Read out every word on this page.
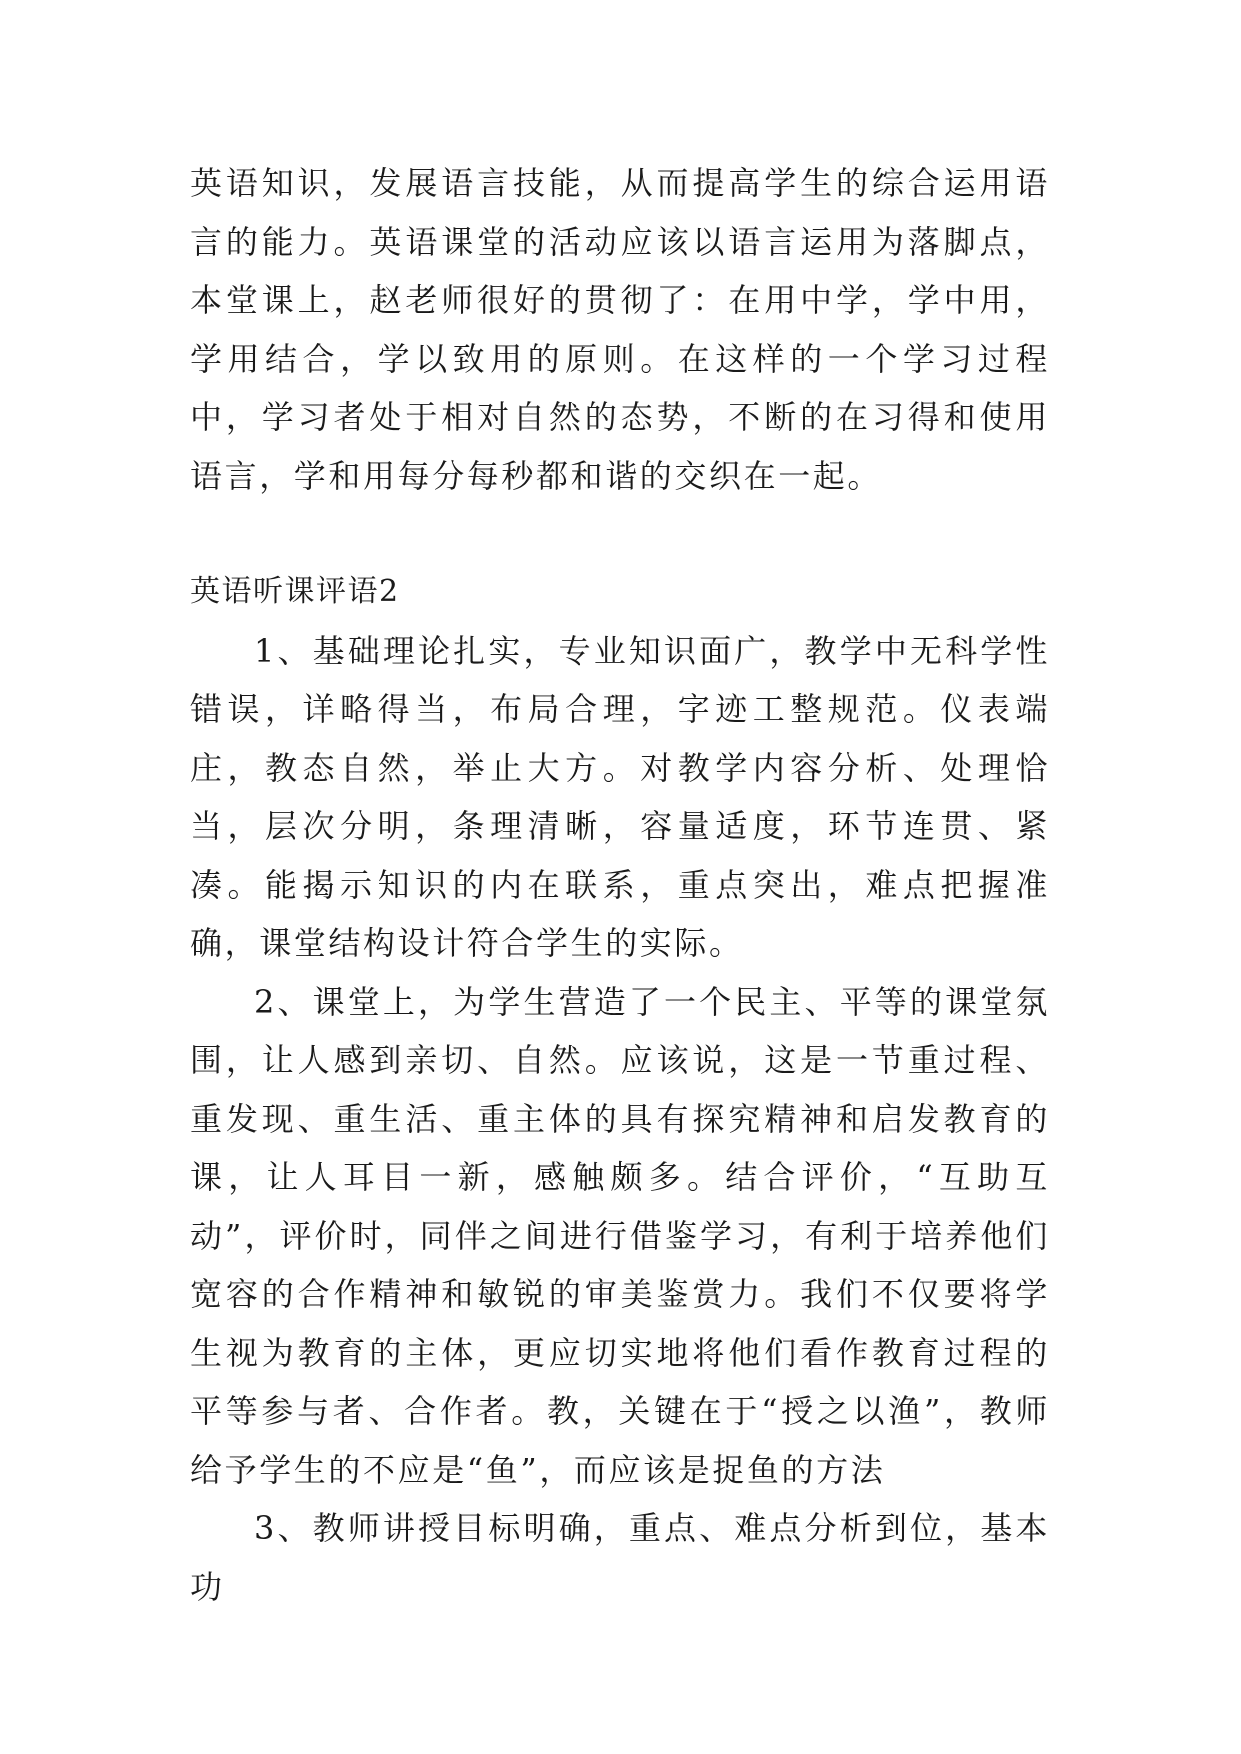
英语知识，发展语言技能，从而提高学生的综合运用语言的能力。英语课堂的活动应该以语言运用为落脚点，本堂课上，赵老师很好的贯彻了：在用中学，学中用，学用结合，学以致用的原则。在这样的一个学习过程中，学习者处于相对自然的态势，不断的在习得和使用语言，学和用每分每秒都和谐的交织在一起。

英语听课评语2

1、基础理论扎实，专业知识面广，教学中无科学性错误，详略得当，布局合理，字迹工整规范。仪表端庄，教态自然，举止大方。对教学内容分析、处理恰当，层次分明，条理清晰，容量适度，环节连贯、紧凑。能揭示知识的内在联系，重点突出，难点把握准确，课堂结构设计符合学生的实际。

2、课堂上，为学生营造了一个民主、平等的课堂氛围，让人感到亲切、自然。应该说，这是一节重过程、重发现、重生活、重主体的具有探究精神和启发教育的课，让人耳目一新，感触颇多。结合评价，“互助互动”，评价时，同伴之间进行借鉴学习，有利于培养他们宽容的合作精神和敏锐的审美鉴赏力。我们不仅要将学生视为教育的主体，更应切实地将他们看作教育过程的平等参与者、合作者。教，关键在于“授之以渔”，教师给予学生的不应是“鱼”，而应该是捉鱼的方法

3、教师讲授目标明确，重点、难点分析到位，基本功
